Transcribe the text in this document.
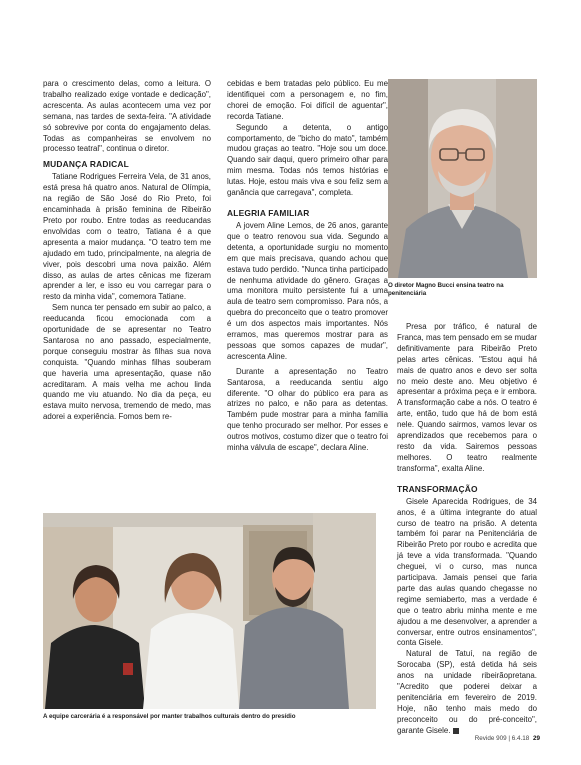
para o crescimento delas, como a leitura. O trabalho realizado exige vontade e dedicação", acrescenta. As aulas acontecem uma vez por semana, nas tardes de sexta-feira. "A atividade só sobrevive por conta do engajamento delas. Todas as companheiras se envolvem no processo teatral", continua o diretor.

MUDANÇA RADICAL

Tatiane Rodrigues Ferreira Vela, de 31 anos, está presa há quatro anos. Natural de Olímpia, na região de São José do Rio Preto, foi encaminhada à prisão feminina de Ribeirão Preto por roubo. Entre todas as reeducandas envolvidas com o teatro, Tatiana é a que apresenta a maior mudança. "O teatro tem me ajudado em tudo, principalmente, na alegria de viver, pois descobri uma nova paixão. Além disso, as aulas de artes cênicas me fizeram aprender a ler, e isso eu vou carregar para o resto da minha vida", comemora Tatiane.

Sem nunca ter pensado em subir ao palco, a reeducanda ficou emocionada com a oportunidade de se apresentar no Teatro Santarosa no ano passado, especialmente, porque conseguiu mostrar às filhas sua nova conquista. "Quando minhas filhas souberam que haveria uma apresentação, quase não acreditaram. A mais velha me achou linda quando me viu atuando. No dia da peça, eu estava muito nervosa, tremendo de medo, mas adorei a experiência. Fomos bem re-

cebidas e bem tratadas pelo público. Eu me identifiquei com a personagem e, no fim, chorei de emoção. Foi difícil de aguentar", recorda Tatiane.

Segundo a detenta, o antigo comportamento, de "bicho do mato", também mudou graças ao teatro. "Hoje sou um doce. Quando sair daqui, quero primeiro olhar para mim mesma. Todas nós temos histórias e lutas. Hoje, estou mais viva e sou feliz sem a ganância que carregava", completa.

ALEGRIA FAMILIAR

A jovem Aline Lemos, de 26 anos, garante que o teatro renovou sua vida. Segundo a detenta, a oportunidade surgiu no momento em que mais precisava, quando achou que estava tudo perdido. "Nunca tinha participado de nenhuma atividade do gênero. Graças a uma monitora muito persistente fui a uma aula de teatro sem compromisso. Para nós, a quebra do preconceito que o teatro promover é um dos aspectos mais importantes. Nós erramos, mas queremos mostrar para as pessoas que somos capazes de mudar", acrescenta Aline.

Durante a apresentação no Teatro Santarosa, a reeducanda sentiu algo diferente. "O olhar do público era para as atrizes no palco, e não para as detentas. Também pude mostrar para a minha família que tenho procurado ser melhor. Por esses e outros motivos, costumo dizer que o teatro foi minha válvula de escape", declara Aline.

O diretor Magno Bucci ensina teatro na penitenciária

Presa por tráfico, é natural de Franca, mas tem pensado em se mudar definitivamente para Ribeirão Preto pelas artes cênicas. "Estou aqui há mais de quatro anos e devo ser solta no meio deste ano. Meu objetivo é apresentar a próxima peça e ir embora. A transformação cabe a nós. O teatro é arte, então, tudo que há de bom está nele. Quando sairmos, vamos levar os aprendizados que recebemos para o resto da vida. Sairemos pessoas melhores. O teatro realmente transforma", exalta Aline.

TRANSFORMAÇÃO

Gisele Aparecida Rodrigues, de 34 anos, é a última integrante do atual curso de teatro na prisão. A detenta também foi parar na Penitenciária de Ribeirão Preto por roubo e acredita que já teve a vida transformada. "Quando cheguei, vi o curso, mas nunca participava. Jamais pensei que faria parte das aulas quando chegasse no regime semiaberto, mas a verdade é que o teatro abriu minha mente e me ajudou a me desenvolver, a aprender a conversar, entre outros ensinamentos", conta Gisele.

Natural de Tatuí, na região de Sorocaba (SP), está detida há seis anos na unidade ribeirãopretana. "Acredito que poderei deixar a penitenciária em fevereiro de 2019. Hoje, não tenho mais medo do preconceito ou do pré-conceito", garante Gisele.

A equipe carcerária é a responsável por manter trabalhos culturais dentro do presídio
Revide 909 | 6.4.18 29
